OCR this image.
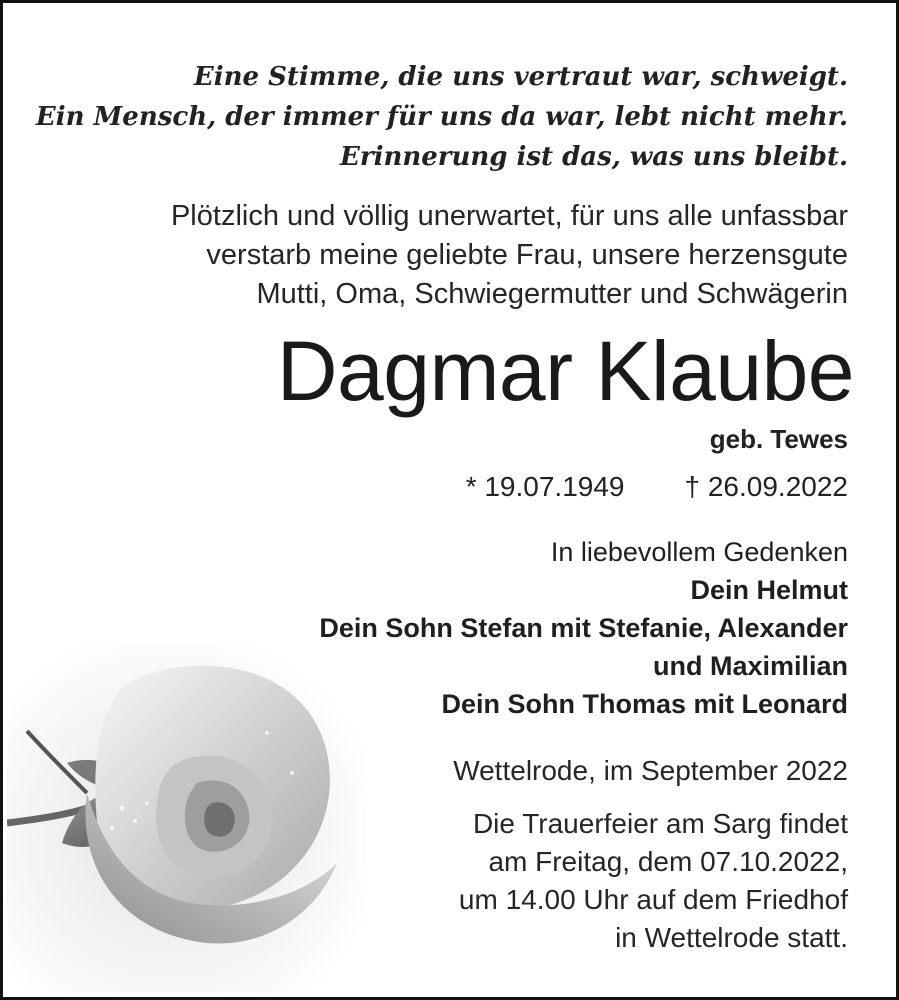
Eine Stimme, die uns vertraut war, schweigt.
Ein Mensch, der immer für uns da war, lebt nicht mehr.
Erinnerung ist das, was uns bleibt.
Plötzlich und völlig unerwartet, für uns alle unfassbar
verstarb meine geliebte Frau, unsere herzensgute
Mutti, Oma, Schwiegermutter und Schwägerin
Dagmar Klaube
geb. Tewes
* 19.07.1949 † 26.09.2022
In liebevollem Gedenken
Dein Helmut
Dein Sohn Stefan mit Stefanie, Alexander
und Maximilian
Dein Sohn Thomas mit Leonard
Wettelrode, im September 2022
Die Trauerfeier am Sarg findet
am Freitag, dem 07.10.2022,
um 14.00 Uhr auf dem Friedhof
in Wettelrode statt.
